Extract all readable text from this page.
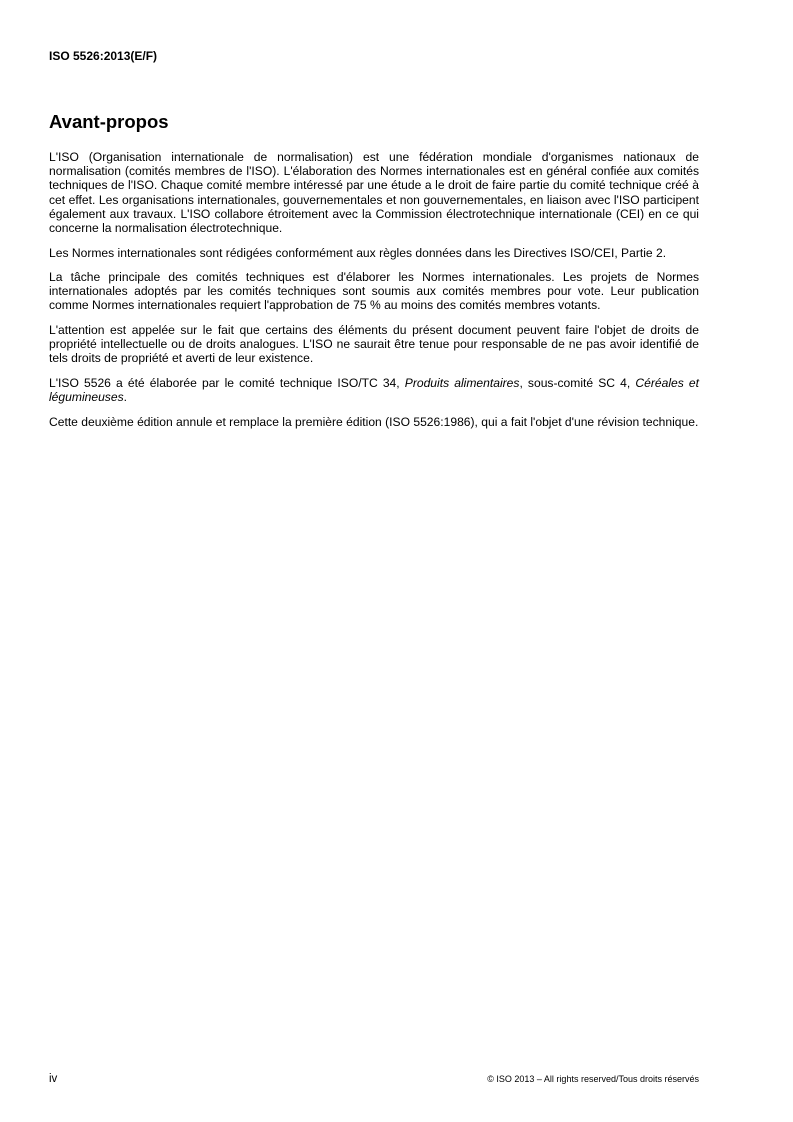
ISO 5526:2013(E/F)
Avant-propos

L'ISO (Organisation internationale de normalisation) est une fédération mondiale d'organismes nationaux de normalisation (comités membres de l'ISO). L'élaboration des Normes internationales est en général confiée aux comités techniques de l'ISO. Chaque comité membre intéressé par une étude a le droit de faire partie du comité technique créé à cet effet. Les organisations internationales, gouvernementales et non gouvernementales, en liaison avec l'ISO participent également aux travaux. L'ISO collabore étroitement avec la Commission électrotechnique internationale (CEI) en ce qui concerne la normalisation électrotechnique.

Les Normes internationales sont rédigées conformément aux règles données dans les Directives ISO/CEI, Partie 2.

La tâche principale des comités techniques est d'élaborer les Normes internationales. Les projets de Normes internationales adoptés par les comités techniques sont soumis aux comités membres pour vote. Leur publication comme Normes internationales requiert l'approbation de 75 % au moins des comités membres votants.

L'attention est appelée sur le fait que certains des éléments du présent document peuvent faire l'objet de droits de propriété intellectuelle ou de droits analogues. L'ISO ne saurait être tenue pour responsable de ne pas avoir identifié de tels droits de propriété et averti de leur existence.

L'ISO 5526 a été élaborée par le comité technique ISO/TC 34, Produits alimentaires, sous-comité SC 4, Céréales et légumineuses.

Cette deuxième édition annule et remplace la première édition (ISO 5526:1986), qui a fait l'objet d'une révision technique.

iv	© ISO 2013 – All rights reserved/Tous droits réservés
